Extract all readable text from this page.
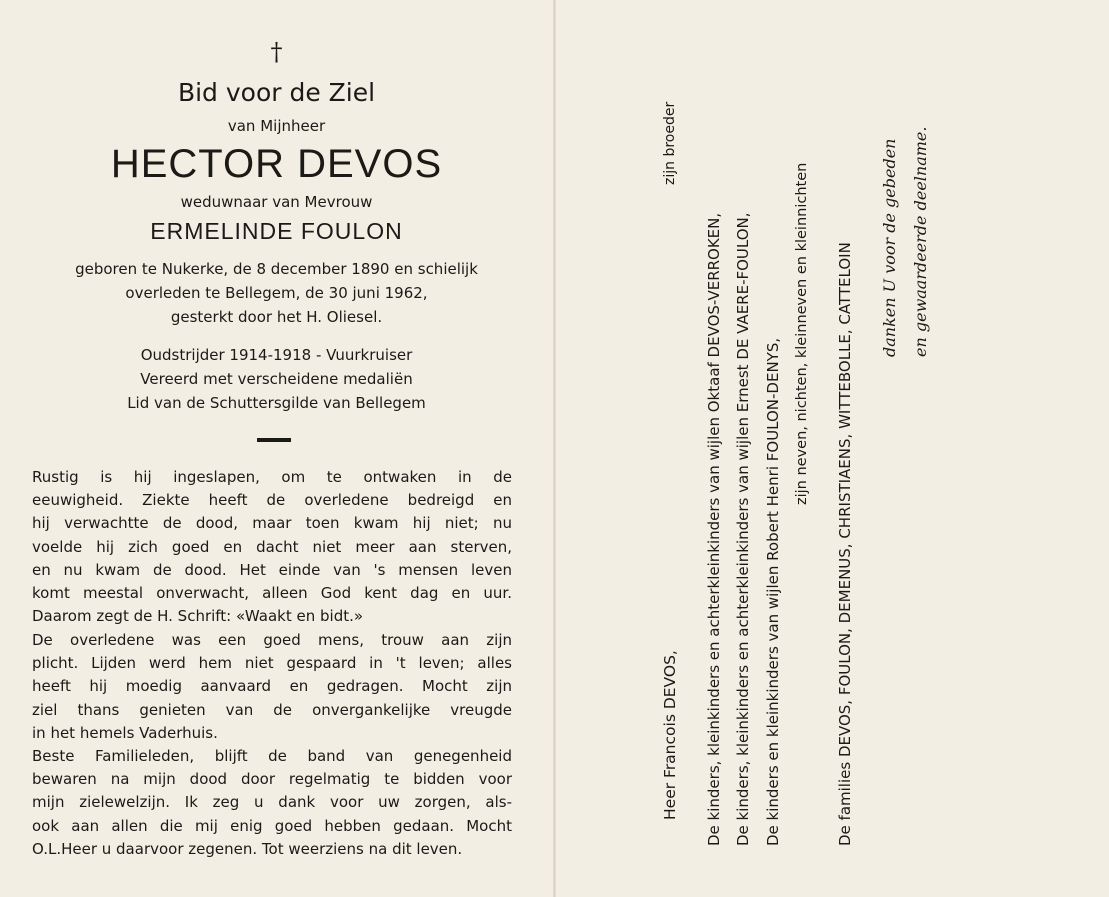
†
Bid voor de Ziel
van Mijnheer
HECTOR DEVOS
weduwnaar van Mevrouw
ERMELINDE FOULON
geboren te Nukerke, de 8 december 1890 en schielijk
overleden te Bellegem, de 30 juni 1962,
gesterkt door het H. Oliesel.
Oudstrijder 1914-1918 - Vuurkruiser
Vereerd met verscheidene medaliën
Lid van de Schuttersgilde van Bellegem
Rustig is hij ingeslapen, om te ontwaken in de
eeuwigheid. Ziekte heeft de overledene bedreigd en
hij verwachtte de dood, maar toen kwam hij niet; nu
voelde hij zich goed en dacht niet meer aan sterven,
en nu kwam de dood. Het einde van 's mensen leven
komt meestal onverwacht, alleen God kent dag en uur.
Daarom zegt de H. Schrift: «Waakt en bidt.»
De overledene was een goed mens, trouw aan zijn
plicht. Lijden werd hem niet gespaard in 't leven; alles
heeft hij moedig aanvaard en gedragen. Mocht zijn
ziel thans genieten van de onvergankelijke vreugde
in het hemels Vaderhuis.
Beste Familieleden, blijft de band van genegenheid
bewaren na mijn dood door regelmatig te bidden voor
mijn zielewelzijn. Ik zeg u dank voor uw zorgen, als-
ook aan allen die mij enig goed hebben gedaan. Mocht
O.L.Heer u daarvoor zegenen. Tot weerziens na dit leven.
Heer Francois DEVOS,
zijn broeder
De kinders, kleinkinders en achterkleinkinders van wijlen Oktaaf DEVOS-VERROKEN, De kinders, kleinkinders en achterkleinkinders van wijlen Ernest DE VAERE-FOULON, De kinders en kleinkinders van wijlen Robert Henri FOULON-DENYS,
zijn neven, nichten, kleinneven en kleinnichten De families DEVOS, FOULON, DEMENUS, CHRISTIAENS, WITTEBOLLE, CATTELOIN danken U voor de gebeden en gewaardeerde deelname.
